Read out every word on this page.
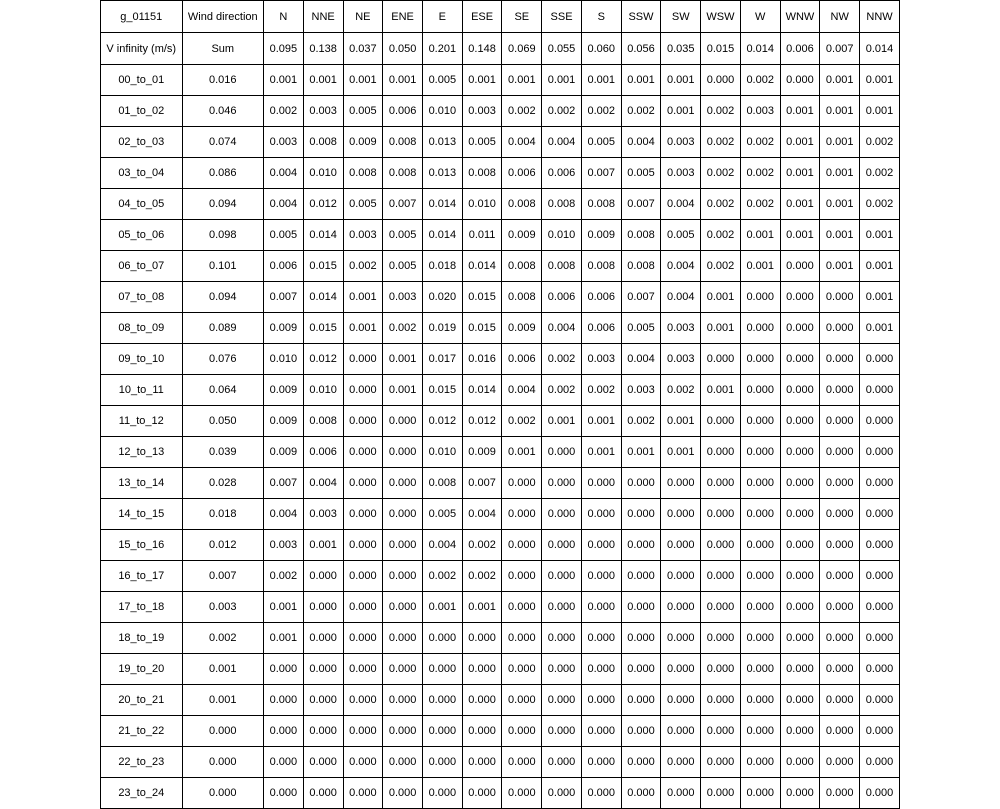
g_01151	Wind direction	N	NNE	NE	ENE	E	ESE	SE	SSE	S	SSW	SW	WSW	W	WNW	NW	NNW
V infinity (m/s)	Sum	0.095	0.138	0.037	0.050	0.201	0.148	0.069	0.055	0.060	0.056	0.035	0.015	0.014	0.006	0.007	0.014
00_to_01	0.016	0.001	0.001	0.001	0.001	0.005	0.001	0.001	0.001	0.001	0.001	0.001	0.000	0.002	0.000	0.001	0.001
01_to_02	0.046	0.002	0.003	0.005	0.006	0.010	0.003	0.002	0.002	0.002	0.002	0.001	0.002	0.003	0.001	0.001	0.001
02_to_03	0.074	0.003	0.008	0.009	0.008	0.013	0.005	0.004	0.004	0.005	0.004	0.003	0.002	0.002	0.001	0.001	0.002
03_to_04	0.086	0.004	0.010	0.008	0.008	0.013	0.008	0.006	0.006	0.007	0.005	0.003	0.002	0.002	0.001	0.001	0.002
04_to_05	0.094	0.004	0.012	0.005	0.007	0.014	0.010	0.008	0.008	0.008	0.007	0.004	0.002	0.002	0.001	0.001	0.002
05_to_06	0.098	0.005	0.014	0.003	0.005	0.014	0.011	0.009	0.010	0.009	0.008	0.005	0.002	0.001	0.001	0.001	0.001
06_to_07	0.101	0.006	0.015	0.002	0.005	0.018	0.014	0.008	0.008	0.008	0.008	0.004	0.002	0.001	0.000	0.001	0.001
07_to_08	0.094	0.007	0.014	0.001	0.003	0.020	0.015	0.008	0.006	0.006	0.007	0.004	0.001	0.000	0.000	0.000	0.001
08_to_09	0.089	0.009	0.015	0.001	0.002	0.019	0.015	0.009	0.004	0.006	0.005	0.003	0.001	0.000	0.000	0.000	0.001
09_to_10	0.076	0.010	0.012	0.000	0.001	0.017	0.016	0.006	0.002	0.003	0.004	0.003	0.000	0.000	0.000	0.000	0.000
10_to_11	0.064	0.009	0.010	0.000	0.001	0.015	0.014	0.004	0.002	0.002	0.003	0.002	0.001	0.000	0.000	0.000	0.000
11_to_12	0.050	0.009	0.008	0.000	0.000	0.012	0.012	0.002	0.001	0.001	0.002	0.001	0.000	0.000	0.000	0.000	0.000
12_to_13	0.039	0.009	0.006	0.000	0.000	0.010	0.009	0.001	0.000	0.001	0.001	0.001	0.000	0.000	0.000	0.000	0.000
13_to_14	0.028	0.007	0.004	0.000	0.000	0.008	0.007	0.000	0.000	0.000	0.000	0.000	0.000	0.000	0.000	0.000	0.000
14_to_15	0.018	0.004	0.003	0.000	0.000	0.005	0.004	0.000	0.000	0.000	0.000	0.000	0.000	0.000	0.000	0.000	0.000
15_to_16	0.012	0.003	0.001	0.000	0.000	0.004	0.002	0.000	0.000	0.000	0.000	0.000	0.000	0.000	0.000	0.000	0.000
16_to_17	0.007	0.002	0.000	0.000	0.000	0.002	0.002	0.000	0.000	0.000	0.000	0.000	0.000	0.000	0.000	0.000	0.000
17_to_18	0.003	0.001	0.000	0.000	0.000	0.001	0.001	0.000	0.000	0.000	0.000	0.000	0.000	0.000	0.000	0.000	0.000
18_to_19	0.002	0.001	0.000	0.000	0.000	0.000	0.000	0.000	0.000	0.000	0.000	0.000	0.000	0.000	0.000	0.000	0.000
19_to_20	0.001	0.000	0.000	0.000	0.000	0.000	0.000	0.000	0.000	0.000	0.000	0.000	0.000	0.000	0.000	0.000	0.000
20_to_21	0.001	0.000	0.000	0.000	0.000	0.000	0.000	0.000	0.000	0.000	0.000	0.000	0.000	0.000	0.000	0.000	0.000
21_to_22	0.000	0.000	0.000	0.000	0.000	0.000	0.000	0.000	0.000	0.000	0.000	0.000	0.000	0.000	0.000	0.000	0.000
22_to_23	0.000	0.000	0.000	0.000	0.000	0.000	0.000	0.000	0.000	0.000	0.000	0.000	0.000	0.000	0.000	0.000	0.000
23_to_24	0.000	0.000	0.000	0.000	0.000	0.000	0.000	0.000	0.000	0.000	0.000	0.000	0.000	0.000	0.000	0.000	0.000
